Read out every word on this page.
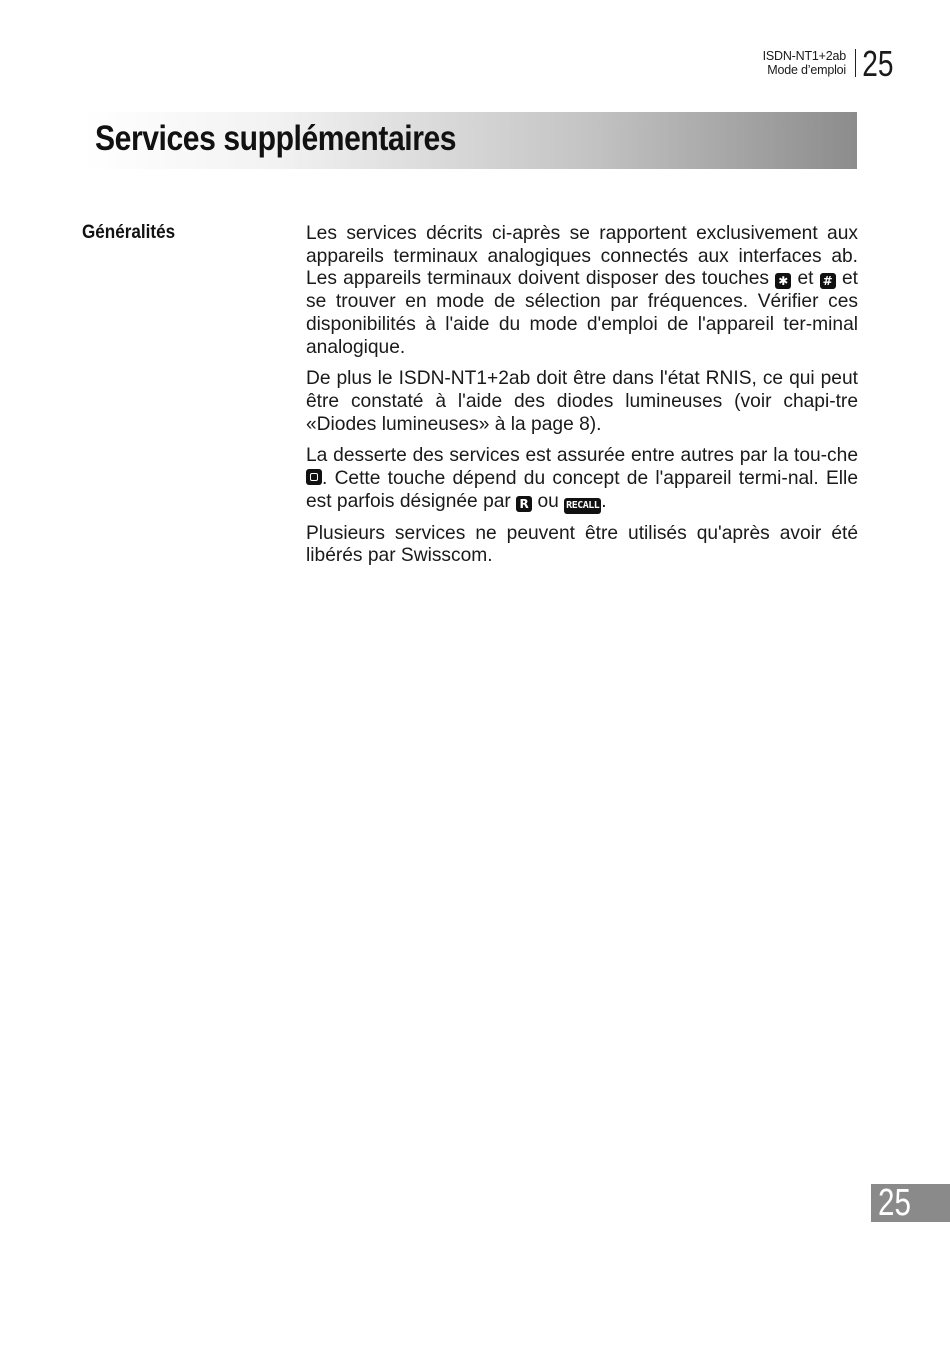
ISDN-NT1+2ab
Mode d’emploi 25
Services supplémentaires
Généralités	Les services décrits ci-après se rapportent exclusivement aux appareils terminaux analogiques connectés aux interfaces ab. Les appareils terminaux doivent disposer des touches ✱ et # et se trouver en mode de sélection par fréquences. Vérifier ces disponibilités à l'aide du mode d'emploi de l'appareil ter-minal analogique.

De plus le ISDN-NT1+2ab doit être dans l'état RNIS, ce qui peut être constaté à l'aide des diodes lumineuses (voir chapi-tre «Diodes lumineuses» à la page 8).

La desserte des services est assurée entre autres par la tou-che . Cette touche dépend du concept de l'appareil termi-nal. Elle est parfois désignée par R ou RECALL .

Plusieurs services ne peuvent être utilisés qu'après avoir été libérés par Swisscom.

25
